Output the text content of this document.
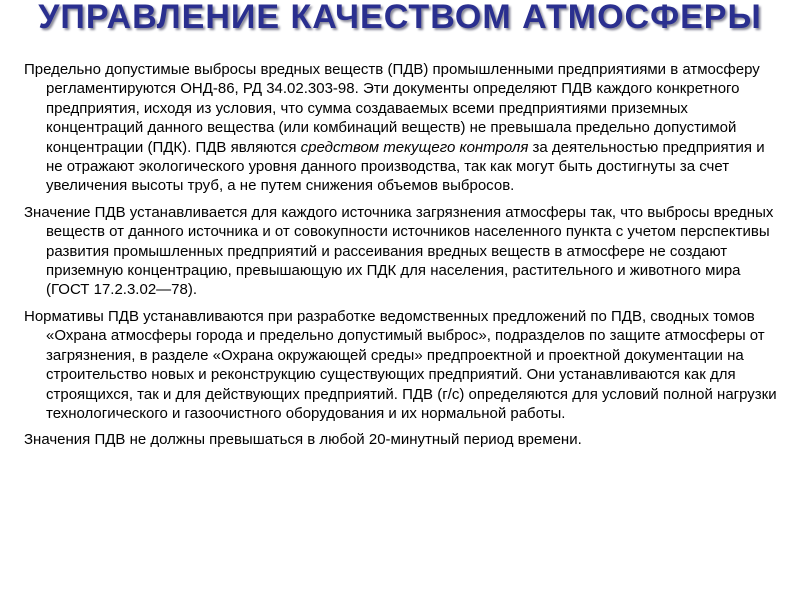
УПРАВЛЕНИЕ КАЧЕСТВОМ АТМОСФЕРЫ

Предельно допустимые выбросы вредных веществ (ПДВ) промышленными предприятиями в атмосферу регламентируются ОНД-86, РД 34.02.303-98. Эти документы определяют ПДВ каждого конкретного предприятия, исходя из условия, что сумма создаваемых всеми предприятиями приземных концентраций данного вещества (или комбинаций веществ) не превышала предельно допустимой концентрации (ПДК). ПДВ являются средством текущего контроля за деятельностью предприятия и не отражают экологического уровня данного производства, так как могут быть достигнуты за счет увеличения высоты труб, а не путем снижения объемов выбросов.

Значение ПДВ устанавливается для каждого источника загрязнения атмосферы так, что выбросы вредных веществ от данного источника и от совокупности источников населенного пункта с учетом перспективы развития промышленных предприятий и рассеивания вредных веществ в атмосфере не создают приземную концентрацию, превышающую их ПДК для населения, растительного и животного мира (ГОСТ 17.2.3.02—78).

Нормативы ПДВ устанавливаются при разработке ведомственных предложений по ПДВ, сводных томов «Охрана атмосферы города и предельно допустимый выброс», подразделов по защите атмосферы от загрязнения, в разделе «Охрана окружающей среды» предпроектной и проектной документации на строительство новых и реконструкцию существующих предприятий. Они устанавливаются как для строящихся, так и для действующих предприятий. ПДВ (г/с) определяются для условий полной нагрузки технологического и газоочистного оборудования и их нормальной работы.

Значения ПДВ не должны превышаться в любой 20-минутный период времени.
